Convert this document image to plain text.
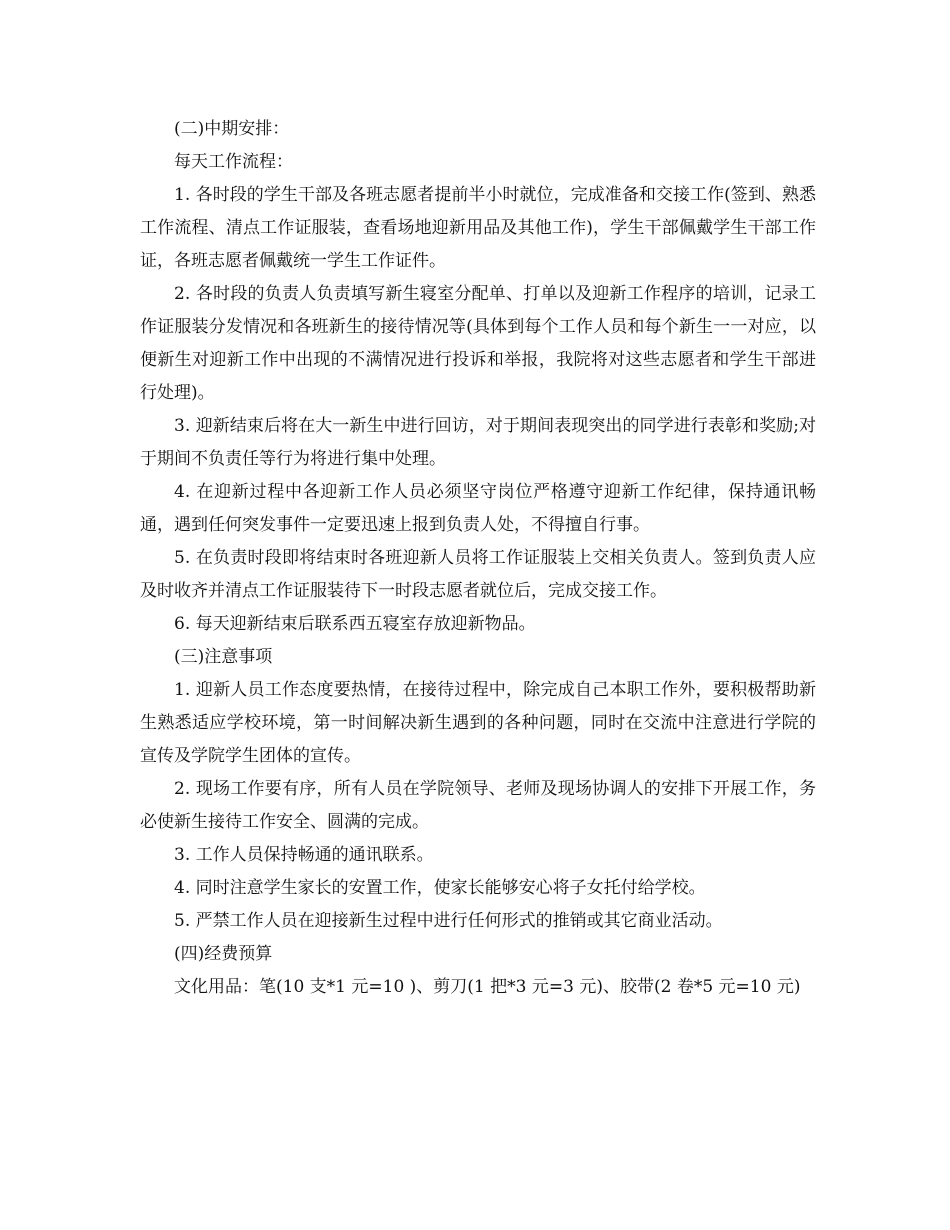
(二)中期安排：

每天工作流程：

1. 各时段的学生干部及各班志愿者提前半小时就位，完成准备和交接工作(签到、熟悉工作流程、清点工作证服装，查看场地迎新用品及其他工作)，学生干部佩戴学生干部工作证，各班志愿者佩戴统一学生工作证件。

2. 各时段的负责人负责填写新生寝室分配单、打单以及迎新工作程序的培训，记录工作证服装分发情况和各班新生的接待情况等(具体到每个工作人员和每个新生一一对应，以便新生对迎新工作中出现的不满情况进行投诉和举报，我院将对这些志愿者和学生干部进行处理)。

3. 迎新结束后将在大一新生中进行回访，对于期间表现突出的同学进行表彰和奖励;对于期间不负责任等行为将进行集中处理。

4. 在迎新过程中各迎新工作人员必须坚守岗位严格遵守迎新工作纪律，保持通讯畅通，遇到任何突发事件一定要迅速上报到负责人处，不得擅自行事。

5. 在负责时段即将结束时各班迎新人员将工作证服装上交相关负责人。签到负责人应及时收齐并清点工作证服装待下一时段志愿者就位后，完成交接工作。

6. 每天迎新结束后联系西五寝室存放迎新物品。

(三)注意事项

1. 迎新人员工作态度要热情，在接待过程中，除完成自己本职工作外，要积极帮助新生熟悉适应学校环境，第一时间解决新生遇到的各种问题，同时在交流中注意进行学院的宣传及学院学生团体的宣传。

2. 现场工作要有序，所有人员在学院领导、老师及现场协调人的安排下开展工作，务必使新生接待工作安全、圆满的完成。

3. 工作人员保持畅通的通讯联系。

4. 同时注意学生家长的安置工作，使家长能够安心将子女托付给学校。

5. 严禁工作人员在迎接新生过程中进行任何形式的推销或其它商业活动。

(四)经费预算

文化用品：笔(10 支*1 元=10 )、剪刀(1 把*3 元=3 元)、胶带(2 卷*5 元=10 元)
